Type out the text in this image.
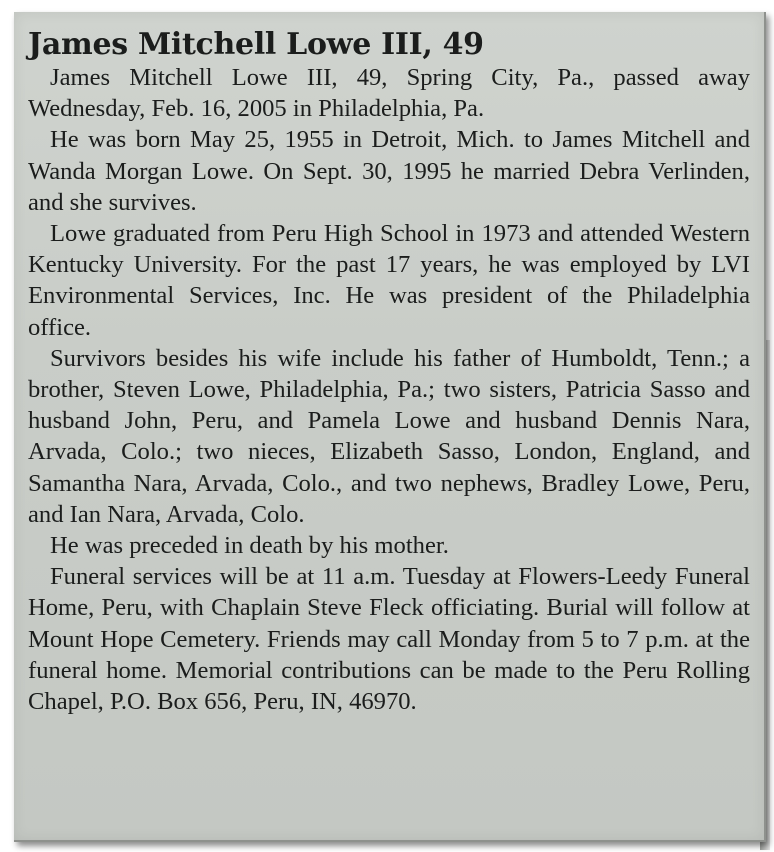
James Mitchell Lowe III, 49

James Mitchell Lowe III, 49, Spring City, Pa., passed away Wednesday, Feb. 16, 2005 in Philadelphia, Pa.

He was born May 25, 1955 in Detroit, Mich. to James Mitchell and Wanda Morgan Lowe. On Sept. 30, 1995 he married Debra Verlinden, and she survives.

Lowe graduated from Peru High School in 1973 and attended Western Kentucky University. For the past 17 years, he was employed by LVI Environmental Services, Inc. He was president of the Philadelphia office.

Survivors besides his wife include his father of Humboldt, Tenn.; a brother, Steven Lowe, Philadelphia, Pa.; two sisters, Patricia Sasso and husband John, Peru, and Pamela Lowe and husband Dennis Nara, Arvada, Colo.; two nieces, Elizabeth Sasso, London, England, and Samantha Nara, Arvada, Colo., and two nephews, Bradley Lowe, Peru, and Ian Nara, Arvada, Colo.

He was preceded in death by his mother.

Funeral services will be at 11 a.m. Tuesday at Flowers-Leedy Funeral Home, Peru, with Chaplain Steve Fleck officiating. Burial will follow at Mount Hope Cemetery. Friends may call Monday from 5 to 7 p.m. at the funeral home. Memorial contributions can be made to the Peru Rolling Chapel, P.O. Box 656, Peru, IN, 46970.
